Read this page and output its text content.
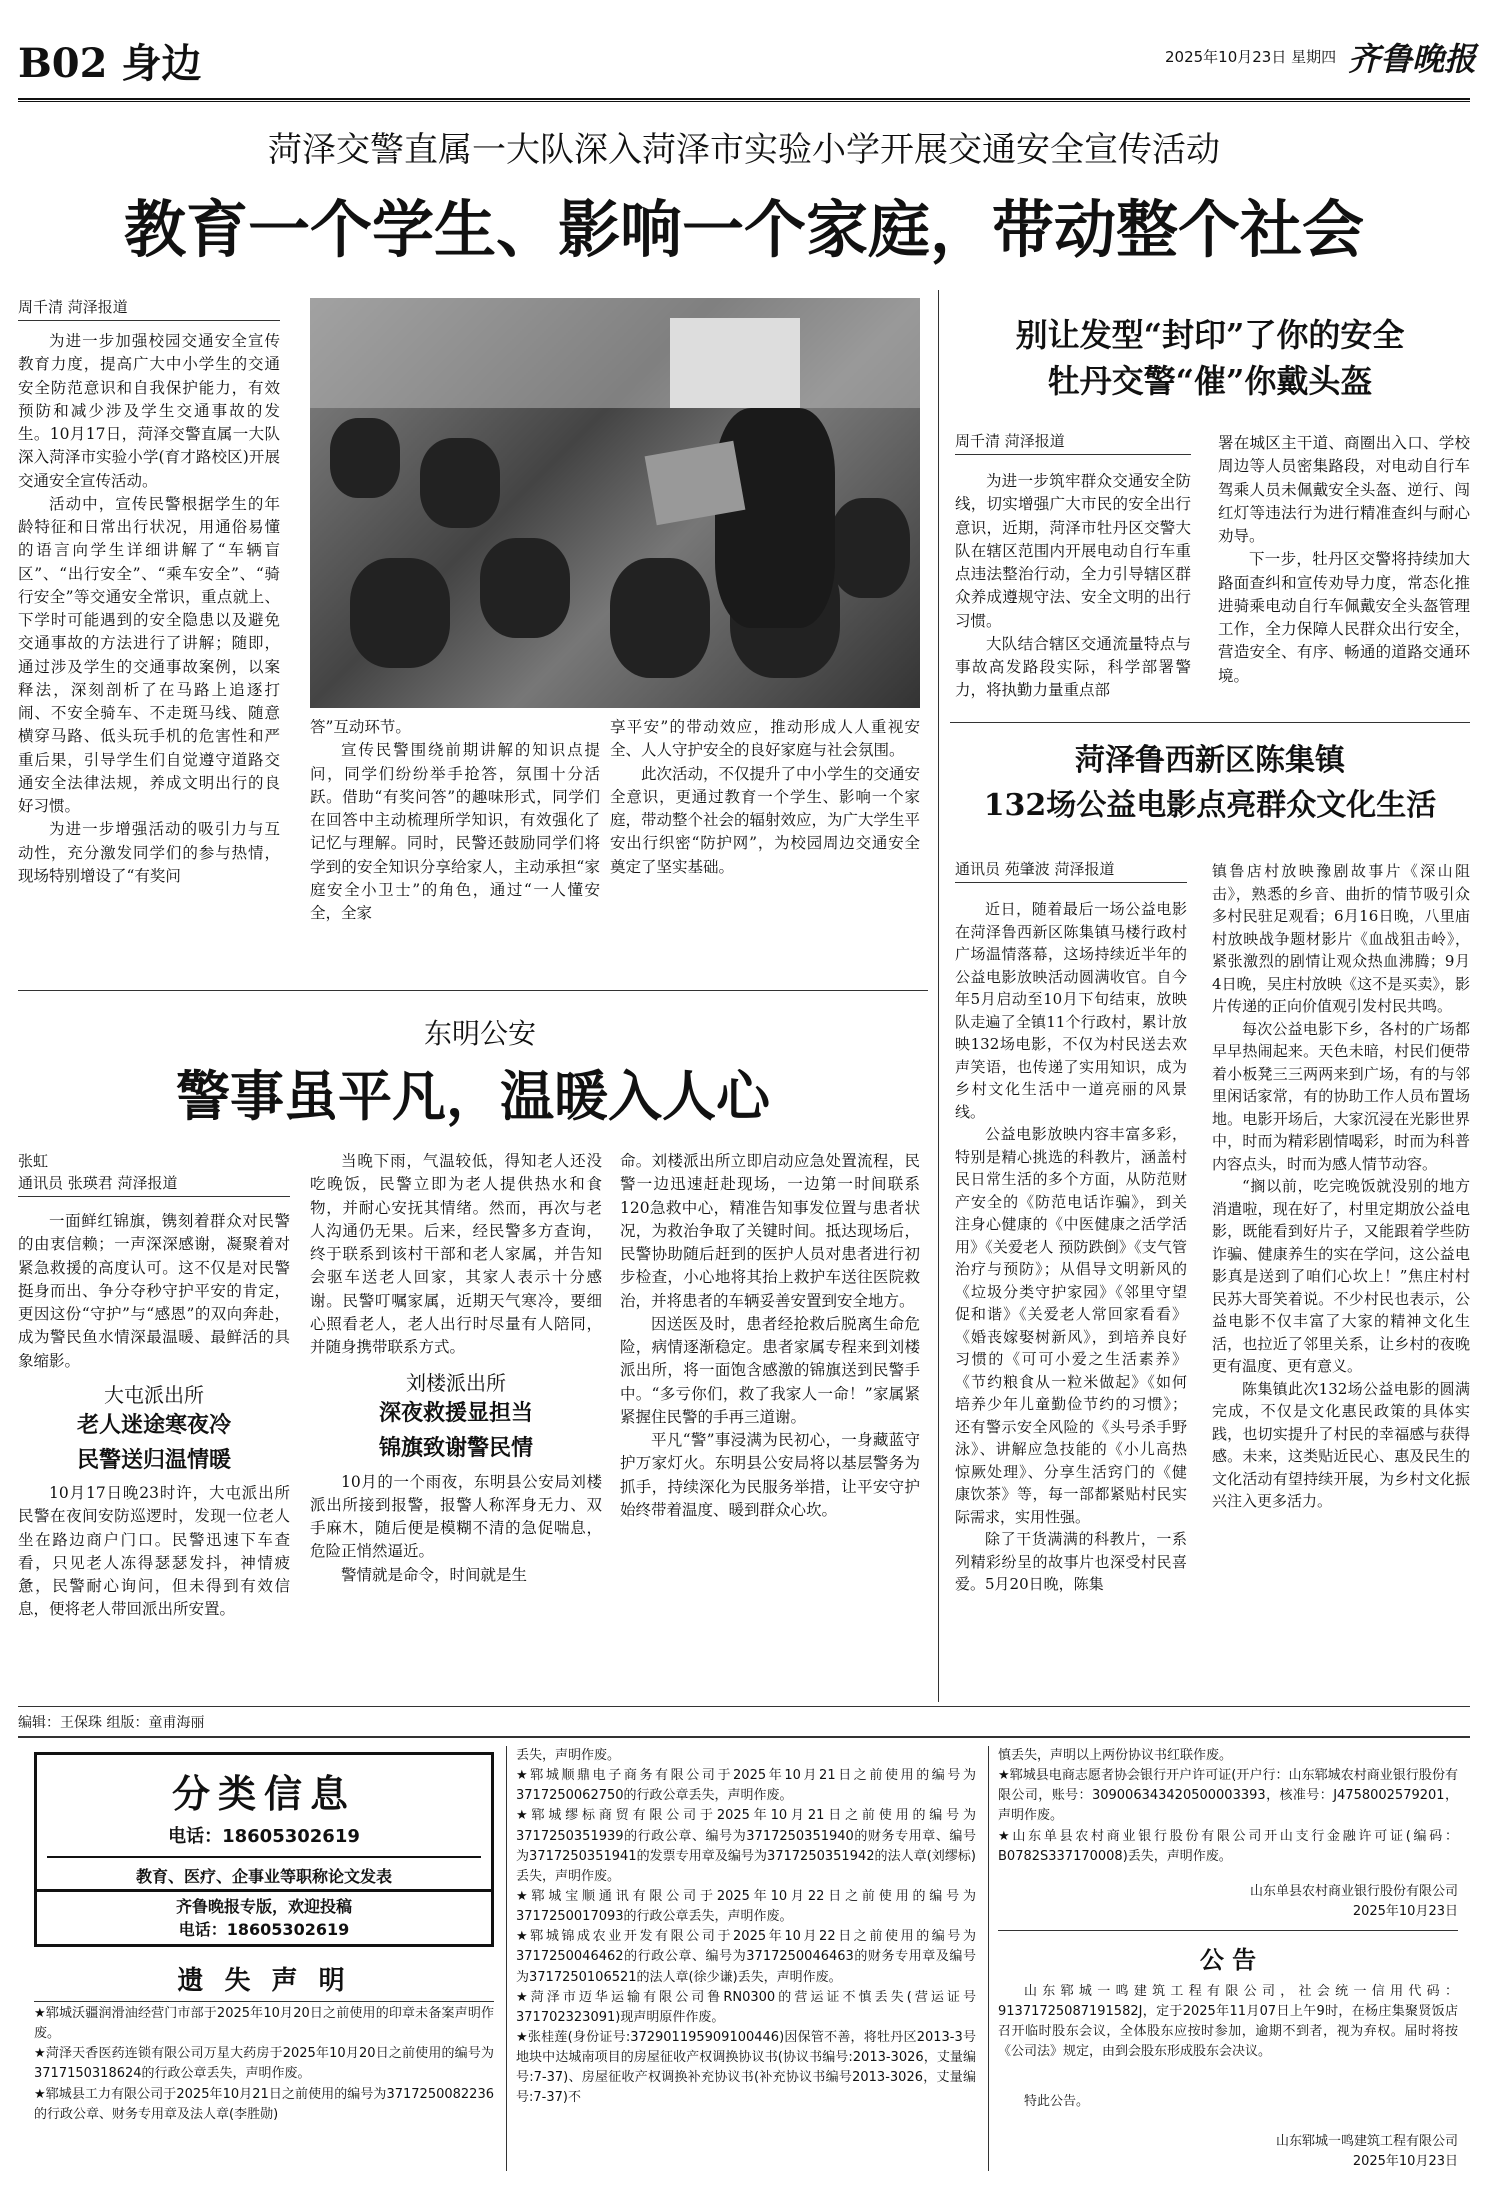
B02 身边	2025年10月23日 星期四 齐鲁晚报
菏泽交警直属一大队深入菏泽市实验小学开展交通安全宣传活动
教育一个学生、影响一个家庭，带动整个社会
周千清 菏泽报道

为进一步加强校园交通安全宣传教育力度，提高广大中小学生的交通安全防范意识和自我保护能力，有效预防和减少涉及学生交通事故的发生。10月17日，菏泽交警直属一大队深入菏泽市实验小学(育才路校区)开展交通安全宣传活动。

活动中，宣传民警根据学生的年龄特征和日常出行状况，用通俗易懂的语言向学生详细讲解了“车辆盲区”、“出行安全”、“乘车安全”、“骑行安全”等交通安全常识，重点就上、下学时可能遇到的安全隐患以及避免交通事故的方法进行了讲解；随即，通过涉及学生的交通事故案例，以案释法，深刻剖析了在马路上追逐打闹、不安全骑车、不走斑马线、随意横穿马路、低头玩手机的危害性和严重后果，引导学生们自觉遵守道路交通安全法律法规，养成文明出行的良好习惯。

为进一步增强活动的吸引力与互动性，充分激发同学们的参与热情，现场特别增设了“有奖问

答”互动环节。

宣传民警围绕前期讲解的知识点提问，同学们纷纷举手抢答，氛围十分活跃。借助“有奖问答”的趣味形式，同学们在回答中主动梳理所学知识，有效强化了记忆与理解。同时，民警还鼓励同学们将学到的安全知识分享给家人，主动承担“家庭安全小卫士”的角色，通过“一人懂安全，全家

享平安”的带动效应，推动形成人人重视安全、人人守护安全的良好家庭与社会氛围。

此次活动，不仅提升了中小学生的交通安全意识，更通过教育一个学生、影响一个家庭，带动整个社会的辐射效应，为广大学生平安出行织密“防护网”，为校园周边交通安全奠定了坚实基础。

别让发型“封印”了你的安全
牡丹交警“催”你戴头盔
周千清 菏泽报道

为进一步筑牢群众交通安全防线，切实增强广大市民的安全出行意识，近期，菏泽市牡丹区交警大队在辖区范围内开展电动自行车重点违法整治行动，全力引导辖区群众养成遵规守法、安全文明的出行习惯。

大队结合辖区交通流量特点与事故高发路段实际，科学部署警力，将执勤力量重点部

署在城区主干道、商圈出入口、学校周边等人员密集路段，对电动自行车驾乘人员未佩戴安全头盔、逆行、闯红灯等违法行为进行精准查纠与耐心劝导。

下一步，牡丹区交警将持续加大路面查纠和宣传劝导力度，常态化推进骑乘电动自行车佩戴安全头盔管理工作，全力保障人民群众出行安全，营造安全、有序、畅通的道路交通环境。

菏泽鲁西新区陈集镇
132场公益电影点亮群众文化生活
通讯员 苑肇波 菏泽报道

近日，随着最后一场公益电影在菏泽鲁西新区陈集镇马楼行政村广场温情落幕，这场持续近半年的公益电影放映活动圆满收官。自今年5月启动至10月下旬结束，放映队走遍了全镇11个行政村，累计放映132场电影，不仅为村民送去欢声笑语，也传递了实用知识，成为乡村文化生活中一道亮丽的风景线。

公益电影放映内容丰富多彩，特别是精心挑选的科教片，涵盖村民日常生活的多个方面，从防范财产安全的《防范电话诈骗》，到关注身心健康的《中医健康之活学活用》《关爱老人 预防跌倒》《支气管治疗与预防》；从倡导文明新风的《垃圾分类守护家园》《邻里守望促和谐》《关爱老人常回家看看》《婚丧嫁娶树新风》，到培养良好习惯的《可可小爱之生活素养》《节约粮食从一粒米做起》《如何培养少年儿童勤俭节约的习惯》；还有警示安全风险的《头号杀手野泳》、讲解应急技能的《小儿高热惊厥处理》、分享生活窍门的《健康饮茶》等，每一部都紧贴村民实际需求，实用性强。

除了干货满满的科教片，一系列精彩纷呈的故事片也深受村民喜爱。5月20日晚，陈集

镇鲁店村放映豫剧故事片《深山阻击》，熟悉的乡音、曲折的情节吸引众多村民驻足观看；6月16日晚，八里庙村放映战争题材影片《血战狙击岭》，紧张激烈的剧情让观众热血沸腾；9月4日晚，吴庄村放映《这不是买卖》，影片传递的正向价值观引发村民共鸣。

每次公益电影下乡，各村的广场都早早热闹起来。天色未暗，村民们便带着小板凳三三两两来到广场，有的与邻里闲话家常，有的协助工作人员布置场地。电影开场后，大家沉浸在光影世界中，时而为精彩剧情喝彩，时而为科普内容点头，时而为感人情节动容。

“搁以前，吃完晚饭就没别的地方消遣啦，现在好了，村里定期放公益电影，既能看到好片子，又能跟着学些防诈骗、健康养生的实在学问，这公益电影真是送到了咱们心坎上！”焦庄村村民苏大哥笑着说。不少村民也表示，公益电影不仅丰富了大家的精神文化生活，也拉近了邻里关系，让乡村的夜晚更有温度、更有意义。

陈集镇此次132场公益电影的圆满完成，不仅是文化惠民政策的具体实践，也切实提升了村民的幸福感与获得感。未来，这类贴近民心、惠及民生的文化活动有望持续开展，为乡村文化振兴注入更多活力。

东明公安
警事虽平凡，温暖入人心
张虹
通讯员 张瑛君 菏泽报道

一面鲜红锦旗，镌刻着群众对民警的由衷信赖；一声深深感谢，凝聚着对紧急救援的高度认可。这不仅是对民警挺身而出、争分夺秒守护平安的肯定，更因这份“守护”与“感恩”的双向奔赴，成为警民鱼水情深最温暖、最鲜活的具象缩影。

大屯派出所
老人迷途寒夜冷
民警送归温情暖

10月17日晚23时许，大屯派出所民警在夜间安防巡逻时，发现一位老人坐在路边商户门口。民警迅速下车查看，只见老人冻得瑟瑟发抖，神情疲惫，民警耐心询问，但未得到有效信息，便将老人带回派出所安置。

当晚下雨，气温较低，得知老人还没吃晚饭，民警立即为老人提供热水和食物，并耐心安抚其情绪。然而，再次与老人沟通仍无果。后来，经民警多方查询，终于联系到该村干部和老人家属，并告知会驱车送老人回家，其家人表示十分感谢。民警叮嘱家属，近期天气寒冷，要细心照看老人，老人出行时尽量有人陪同，并随身携带联系方式。

刘楼派出所
深夜救援显担当
锦旗致谢警民情

10月的一个雨夜，东明县公安局刘楼派出所接到报警，报警人称浑身无力、双手麻木，随后便是模糊不清的急促喘息，危险正悄然逼近。

警情就是命令，时间就是生

命。刘楼派出所立即启动应急处置流程，民警一边迅速赶赴现场，一边第一时间联系120急救中心，精准告知事发位置与患者状况，为救治争取了关键时间。抵达现场后，民警协助随后赶到的医护人员对患者进行初步检查，小心地将其抬上救护车送往医院救治，并将患者的车辆妥善安置到安全地方。

因送医及时，患者经抢救后脱离生命危险，病情逐渐稳定。患者家属专程来到刘楼派出所，将一面饱含感激的锦旗送到民警手中。“多亏你们，救了我家人一命！”家属紧紧握住民警的手再三道谢。

平凡“警”事浸满为民初心，一身藏蓝守护万家灯火。东明县公安局将以基层警务为抓手，持续深化为民服务举措，让平安守护始终带着温度、暖到群众心坎。

编辑：王保珠 组版：童甫海丽
分类信息
电话：18605302619
教育、医疗、企事业等职称论文发表
齐鲁晚报专版，欢迎投稿
电话：18605302619
遗 失 声 明
★郓城沃疆润滑油经营门市部于2025年10月20日之前使用的印章未备案声明作废。
★菏泽天香医药连锁有限公司万星大药房于2025年10月20日之前使用的编号为3717150318624的行政公章丢失，声明作废。
★郓城县工力有限公司于2025年10月21日之前使用的编号为3717250082236的行政公章、财务专用章及法人章(李胜勋)
丢失，声明作废。
★郓城顺鼎电子商务有限公司于2025年10月21日之前使用的编号为3717250062750的行政公章丢失，声明作废。
★郓城缪标商贸有限公司于2025年10月21日之前使用的编号为3717250351939的行政公章、编号为3717250351940的财务专用章、编号为3717250351941的发票专用章及编号为3717250351942的法人章(刘缪标)丢失，声明作废。
★郓城宝顺通讯有限公司于2025年10月22日之前使用的编号为3717250017093的行政公章丢失，声明作废。
★郓城锦成农业开发有限公司于2025年10月22日之前使用的编号为3717250046462的行政公章、编号为3717250046463的财务专用章及编号为3717250106521的法人章(徐少谦)丢失，声明作废。
★菏泽市迈华运输有限公司鲁RN0300的营运证不慎丢失(营运证号371702323091)现声明原件作废。
★张桂莲(身份证号:372901195909100446)因保管不善，将牡丹区2013-3号地块中达城南项目的房屋征收产权调换协议书(协议书编号:2013-3026，丈量编号:7-37)、房屋征收产权调换补充协议书(补充协议书编号2013-3026，丈量编号:7-37)不
慎丢失，声明以上两份协议书红联作废。
★郓城县电商志愿者协会银行开户许可证(开户行：山东郓城农村商业银行股份有限公司，账号：309006343420500003393，核准号：J4758002579201，声明作废。
★山东单县农村商业银行股份有限公司开山支行金融许可证(编码：B0782S337170008)丢失，声明作废。
山东单县农村商业银行股份有限公司
2025年10月23日
公 告
山东郓城一鸣建筑工程有限公司，社会统一信用代码：91371725087191582J，定于2025年11月07日上午9时，在杨庄集聚贤饭店召开临时股东会议，全体股东应按时参加，逾期不到者，视为弃权。届时将按《公司法》规定，由到会股东形成股东会决议。
特此公告。
山东郓城一鸣建筑工程有限公司
2025年10月23日
